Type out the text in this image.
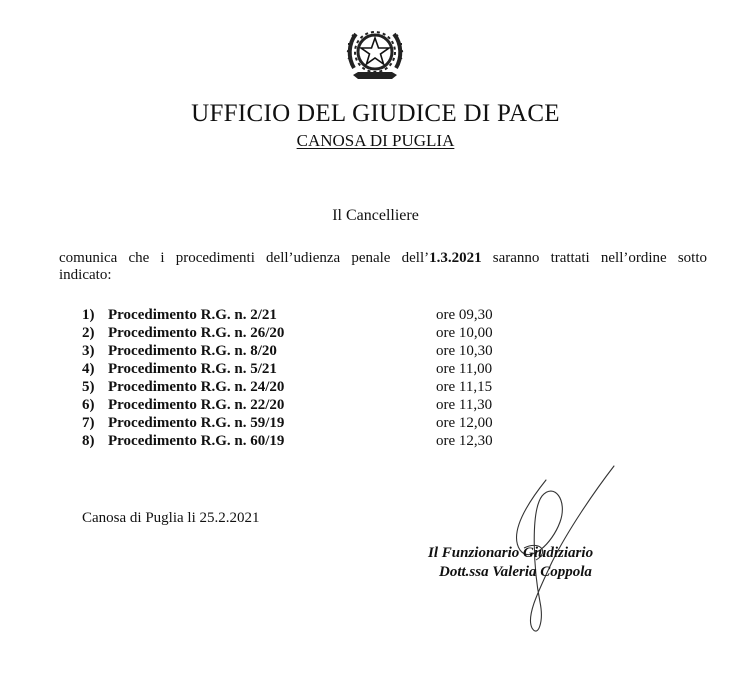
UFFICIO DEL GIUDICE DI PACE
CANOSA DI PUGLIA
Il Cancelliere
comunica che i procedimenti dell’udienza penale dell’1.3.2021 saranno trattati nell’ordine sotto
indicato:
1) Procedimento R.G. n. 2/21	ore 09,30
2) Procedimento R.G. n. 26/20	ore 10,00
3) Procedimento R.G. n. 8/20	ore 10,30
4) Procedimento R.G. n. 5/21	ore 11,00
5) Procedimento R.G. n. 24/20	ore 11,15
6) Procedimento R.G. n. 22/20	ore 11,30
7) Procedimento R.G. n. 59/19	ore 12,00
8) Procedimento R.G. n. 60/19	ore 12,30
Canosa di Puglia li 25.2.2021
Il Funzionario Giudiziario
Dott.ssa Valeria Coppola
